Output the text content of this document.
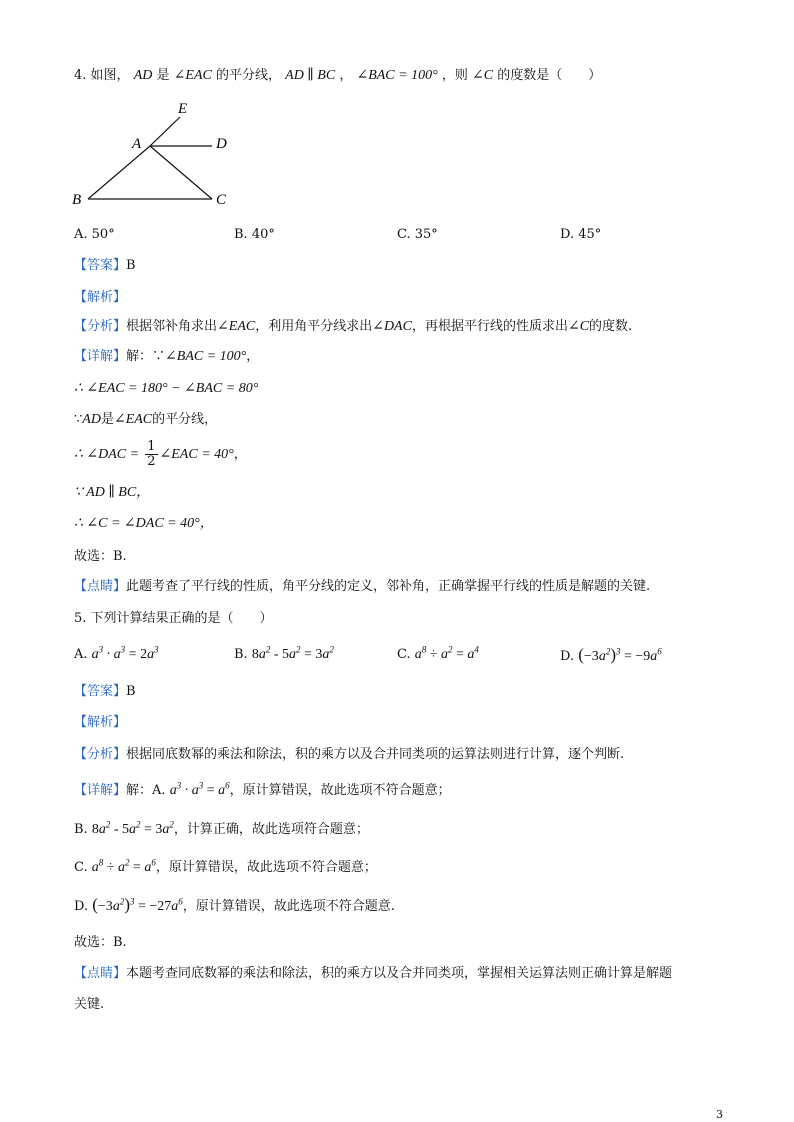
4. 如图， AD 是 ∠EAC 的平分线， AD ∥ BC ， ∠BAC = 100° ，则 ∠C 的度数是（　　）
E
A	D
B	C
A. 50°	B. 40°	C. 35°	D. 45°
【答案】B
【解析】
【分析】根据邻补角求出∠EAC，利用角平分线求出∠DAC，再根据平行线的性质求出∠C的度数.
【详解】解：∵∠BAC = 100°，
∴ ∠EAC = 180° − ∠BAC = 80°
∵AD是∠EAC的平分线，
∴ ∠DAC = $\frac{1}{2}$ ∠EAC = 40°，
∵ AD ∥ BC，
∴ ∠C = ∠DAC = 40°，
故选：B.
【点睛】此题考查了平行线的性质，角平分线的定义，邻补角，正确掌握平行线的性质是解题的关键.
5. 下列计算结果正确的是（　　）
A. $a^3 \cdot a^3 = 2a^3$	B. $8a^2 - 5a^2 = 3a^2$	C. $a^8 \div a^2 = a^4$	D. $(-3a^2)^3 = -9a^6$
【答案】B
【解析】
【分析】根据同底数幂的乘法和除法，积的乘方以及合并同类项的运算法则进行计算，逐个判断.
【详解】解：A. $a^3 \cdot a^3 = a^6$，原计算错误，故此选项不符合题意；
B. $8a^2 - 5a^2 = 3a^2$，计算正确，故此选项符合题意；
C. $a^8 \div a^2 = a^6$，原计算错误，故此选项不符合题意；
D. $(-3a^2)^3 = -27a^6$，原计算错误，故此选项不符合题意.
故选：B.
【点睛】本题考查同底数幂的乘法和除法，积的乘方以及合并同类项，掌握相关运算法则正确计算是解题
关键.
3
